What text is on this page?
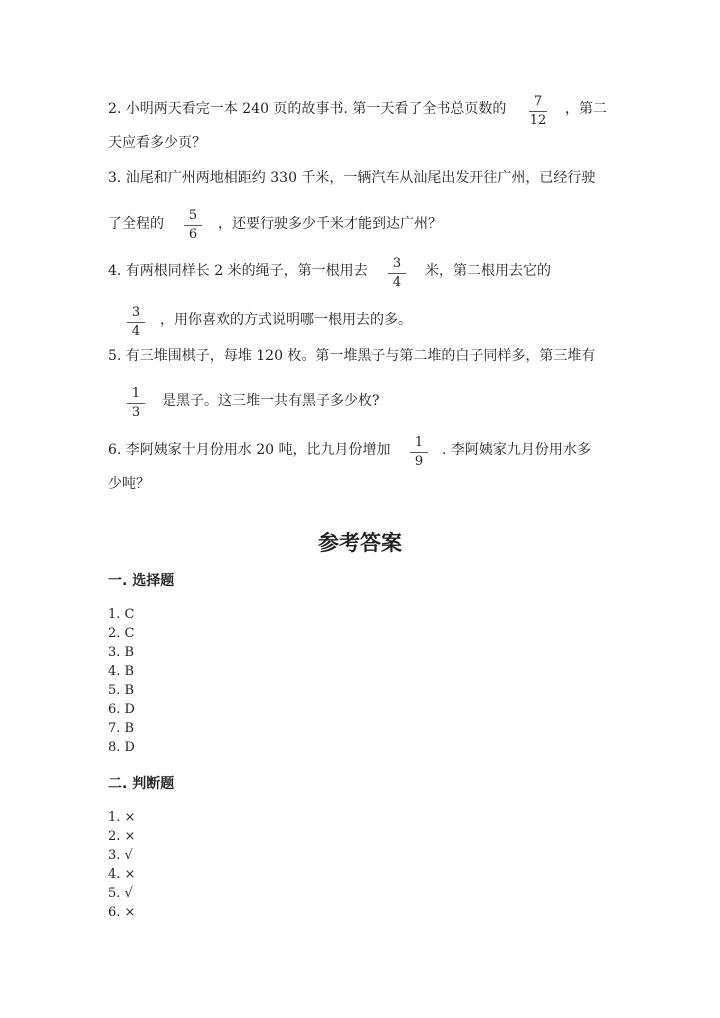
2. 小明两天看完一本 240 页的故事书. 第一天看了全书总页数的	7
12
，第二
天应看多少页？
3. 汕尾和广州两地相距约 330 千米，一辆汽车从汕尾出发开往广州，已经行驶
了全程的
5
6
，还要行驶多少千米才能到达广州？
4. 有两根同样长 2 米的绳子，第一根用去	3
4
米，第二根用去它的
3
4
，用你喜欢的方式说明哪一根用去的多。
5. 有三堆围棋子，每堆 120 枚。第一堆黑子与第二堆的白子同样多，第三堆有
1
3
是黑子。这三堆一共有黑子多少枚?
6. 李阿姨家十月份用水 20 吨，比九月份增加	1
9
. 李阿姨家九月份用水多
少吨？
参考答案
一. 选择题
1. C
2. C
3. B
4. B
5. B
6. D
7. B
8. D
二. 判断题
1. ×
2. ×
3. √
4. ×
5. √
6. ×
